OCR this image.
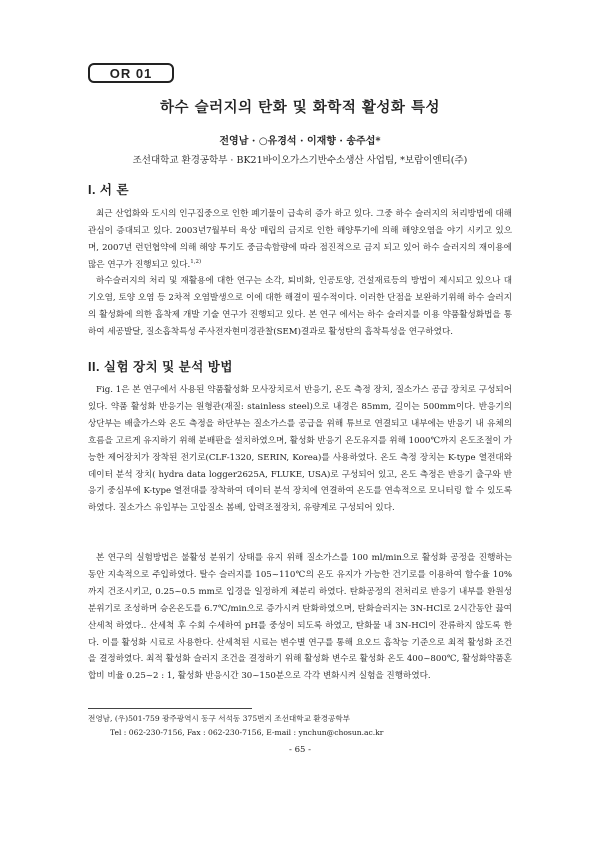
OR 01
하수 슬러지의 탄화 및 화학적 활성화 특성
전영남 · ○유경석 · 이재향 · 송주섭*
조선대학교 환경공학부 · BK21바이오가스기반수소생산 사업팀, *보람이엔티(주)
I. 서 론
최근 산업화와 도시의 인구집중으로 인한 폐기물이 급속히 증가 하고 있다. 그중 하수 슬러지의 처리방법에 대해 관심이 증대되고 있다. 2003년7월부터 육상 매립의 금지로 인한 해양투기에 의해 해양오염을 야기 시키고 있으며, 2007년 런던협약에 의해 해양 투기도 중금속함량에 따라 점진적으로 금지 되고 있어 하수 슬러지의 재이용에 많은 연구가 진행되고 있다.$^{1,2)}$
하수슬러지의 처리 및 재활용에 대한 연구는 소각, 퇴비화, 인공토양, 건설재료등의 방법이 제시되고 있으나 대기오염, 토양 오염 등 2차적 오염발생으로 이에 대한 해결이 필수적이다. 이러한 단점을 보완하기위해 하수 슬러지의 활성화에 의한 흡착제 개발 기술 연구가 진행되고 있다. 본 연구 에서는 하수 슬러지를 이용 약품활성화법을 통하여 세공발달, 질소흡착특성 주사전자현미경관찰(SEM)결과로 활성탄의 흡착특성을 연구하였다.
II. 실험 장치 및 분석 방법
Fig. 1은 본 연구에서 사용된 약품활성화 모사장치로서 반응기, 온도 측정 장치, 질소가스 공급 장치로 구성되어 있다. 약품 활성화 반응기는 원형관(재질: stainless steel)으로 내경은 85mm, 길이는 500mm이다. 반응기의 상단부는 배출가스와 온도 측정을 하단부는 질소가스를 공급을 위해 튜브로 연결되고 내부에는 반응기 내 유체의 흐름을 고르게 유지하기 위해 분배판을 설치하였으며, 활성화 반응기 온도유지를 위해 1000℃까지 온도조절이 가능한 제어장치가 장착된 전기로(CLF-1320, SERIN, Korea)를 사용하였다. 온도 측정 장치는 K-type 열전대와 데이터 분석 장치( hydra data logger2625A, FLUKE, USA)로 구성되어 있고, 온도 측정은 반응기 출구와 반응기 중심부에 K-type 열전대를 장착하여 데이터 분석 장치에 연결하여 온도를 연속적으로 모니터링 할 수 있도록 하였다. 질소가스 유입부는 고압질소 봄베, 압력조절장치, 유량계로 구성되어 있다.
본 연구의 실험방법은 불활성 분위기 상태를 유지 위해 질소가스를 100 ml/min으로 활성화 공정을 진행하는 동안 지속적으로 주입하였다. 탈수 슬러지를 105~110℃의 온도 유지가 가능한 건기로를 이용하여 함수율 10%까지 건조시키고, 0.25~0.5 mm로 입경을 일정하게 체분리 하였다. 탄화공정의 전처리로 반응기 내부를 환원성 분위기로 조성하며 승온온도를 6.7℃/min으로 증가시켜 탄화하였으며, 탄화슬러지는 3N-HCl로 2시간동안 끓여 산세척 하였다.. 산세척 후 수회 수세하여 pH를 중성이 되도록 하였고, 탄화물 내 3N-HCl이 잔류하지 않도록 한다. 이를 활성화 시료로 사용한다. 산세척된 시료는 변수별 연구를 통해 요오드 흡착능 기준으로 최적 활성화 조건을 결정하였다. 최적 활성화 슬러지 조건을 결정하기 위해 활성화 변수로 활성화 온도 400~800℃, 활성화약품혼합비 비율 0.25~2 : 1, 활성화 반응시간 30~150분으로 각각 변화시켜 실험을 진행하였다.
전영남, (우)501-759 광주광역시 동구 서석동 375번지 조선대학교 환경공학부
Tel : 062-230-7156, Fax : 062-230-7156, E-mail : ynchun@chosun.ac.kr
- 65 -
